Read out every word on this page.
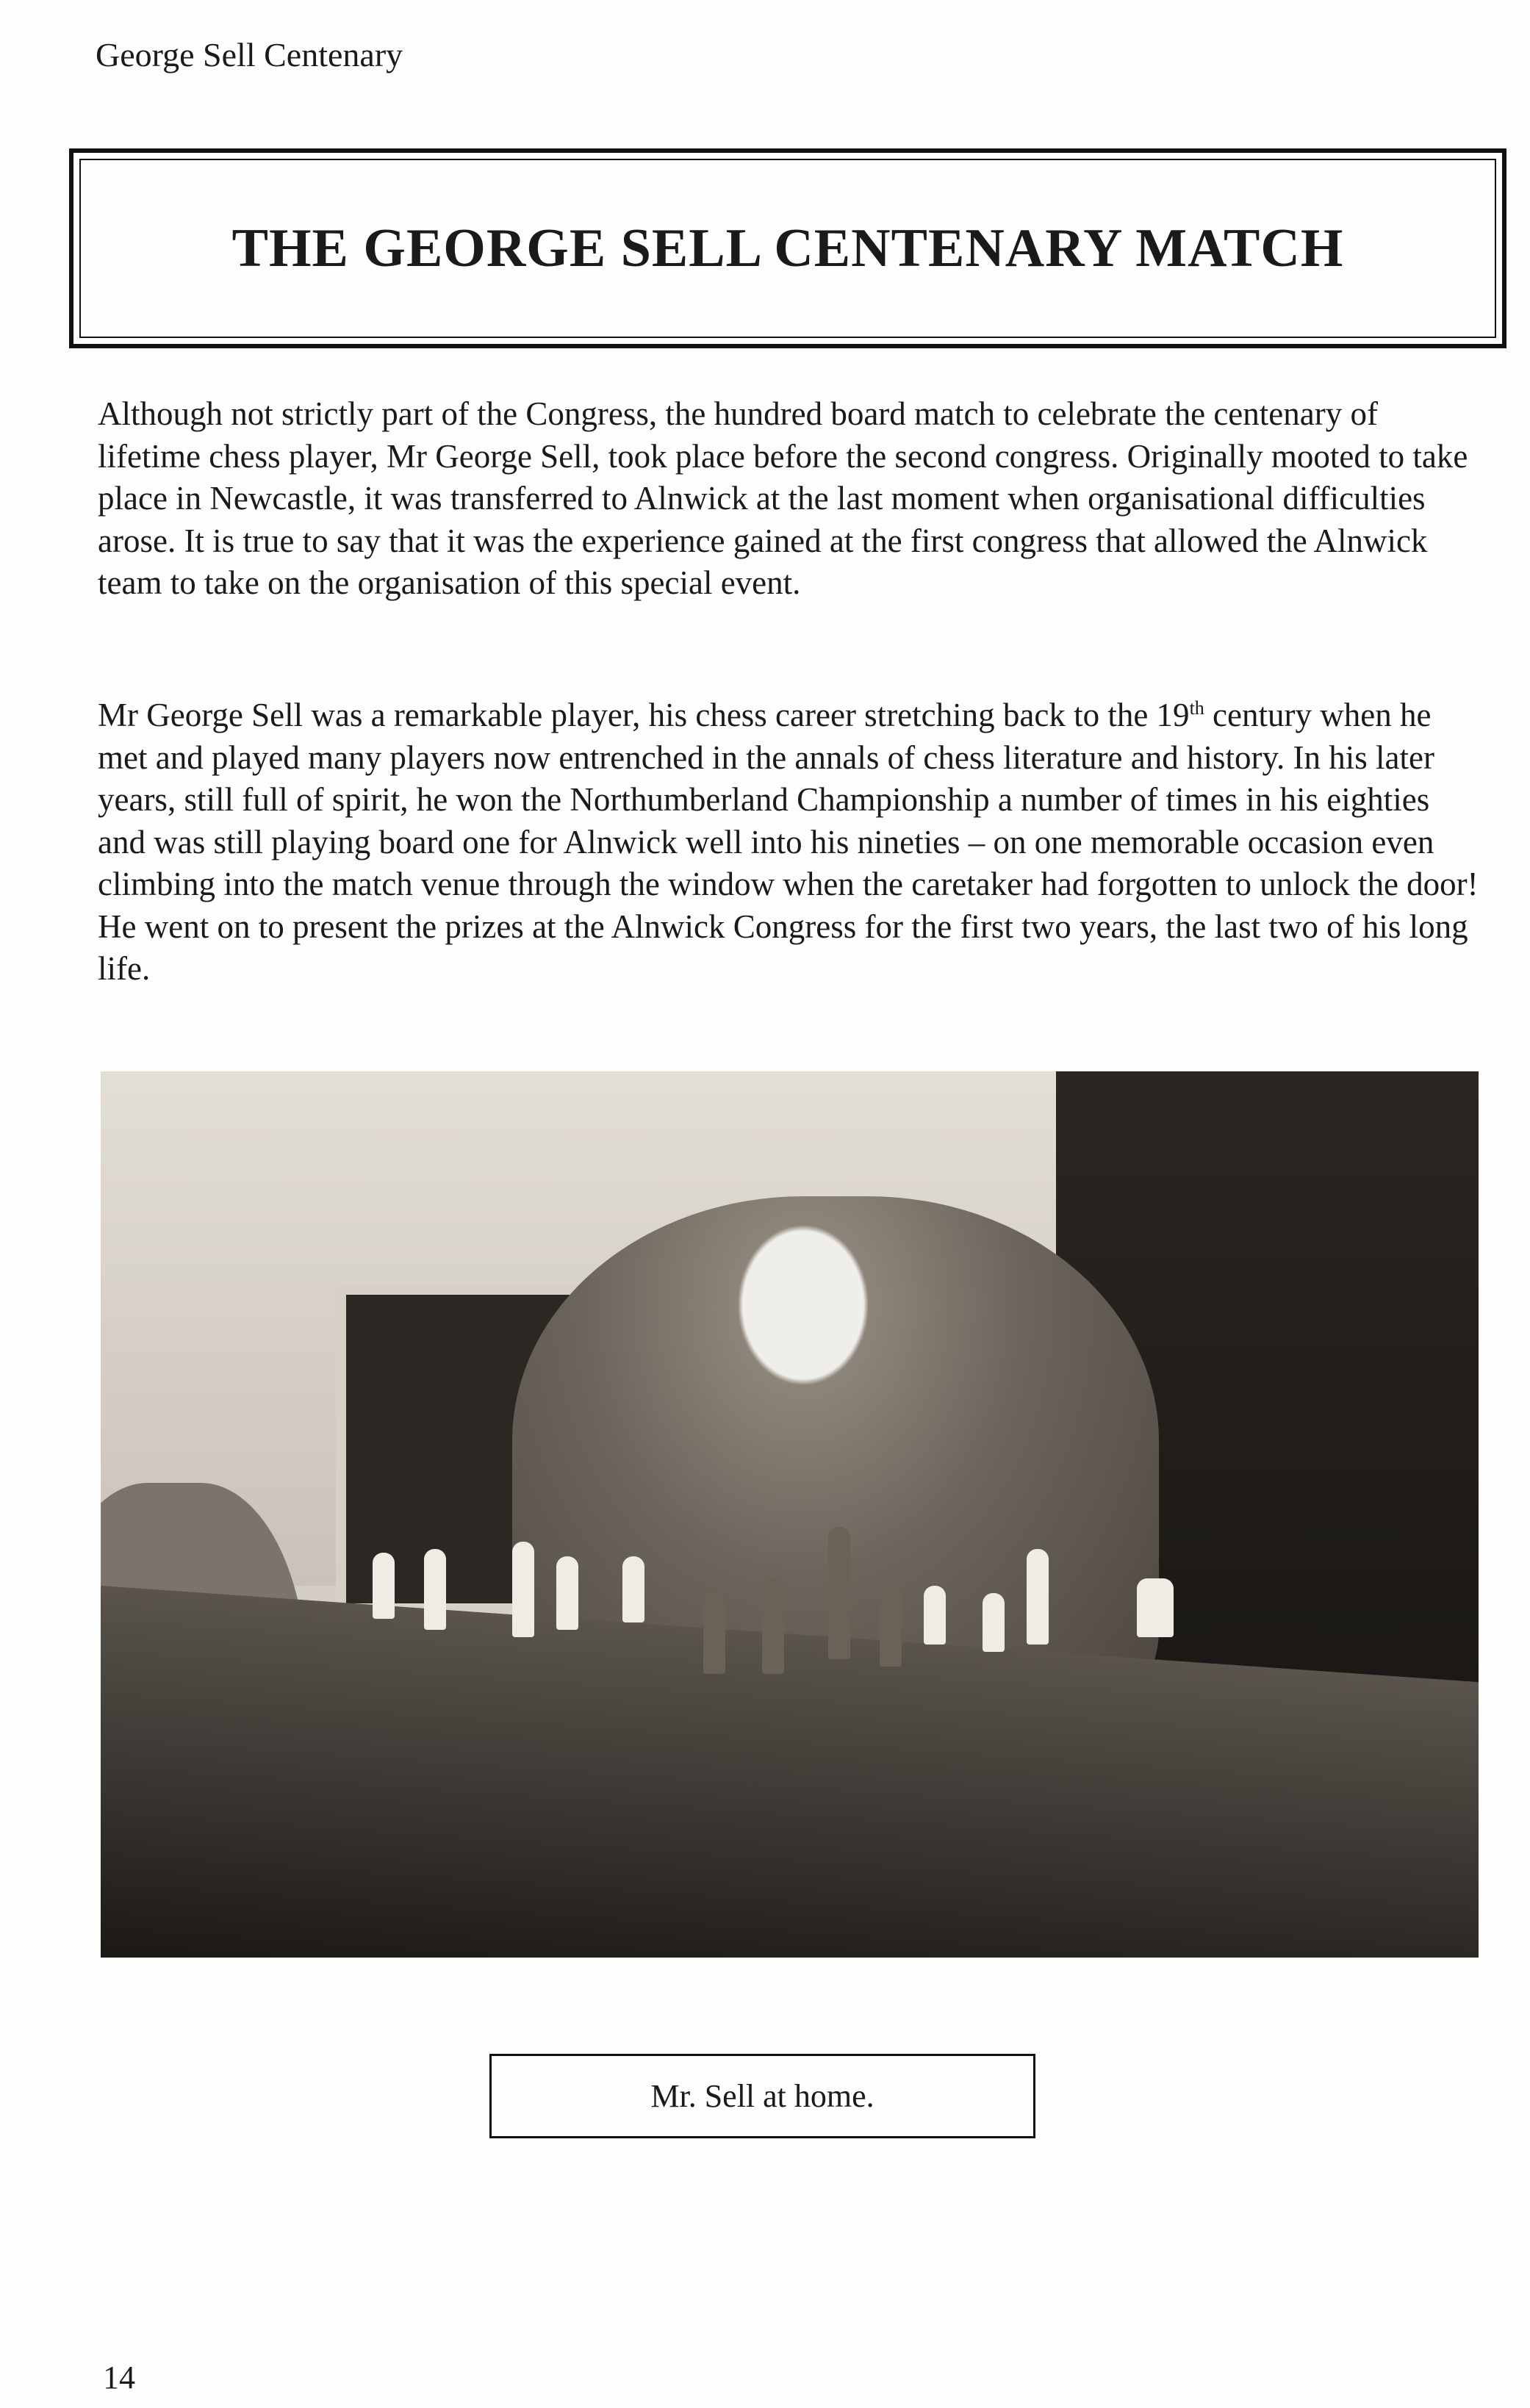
George Sell Centenary
THE GEORGE SELL CENTENARY MATCH

Although not strictly part of the Congress, the hundred board match to celebrate the centenary of lifetime chess player, Mr George Sell, took place before the second congress. Originally mooted to take place in Newcastle, it was transferred to Alnwick at the last moment when organisational difficulties arose. It is true to say that it was the experience gained at the first congress that allowed the Alnwick team to take on the organisation of this special event.

Mr George Sell was a remarkable player, his chess career stretching back to the 19th century when he met and played many players now entrenched in the annals of chess literature and history. In his later years, still full of spirit, he won the Northumberland Championship a number of times in his eighties and was still playing board one for Alnwick well into his nineties – on one memorable occasion even climbing into the match venue through the window when the caretaker had forgotten to unlock the door! He went on to present the prizes at the Alnwick Congress for the first two years, the last two of his long life.

Mr. Sell at home.
14
